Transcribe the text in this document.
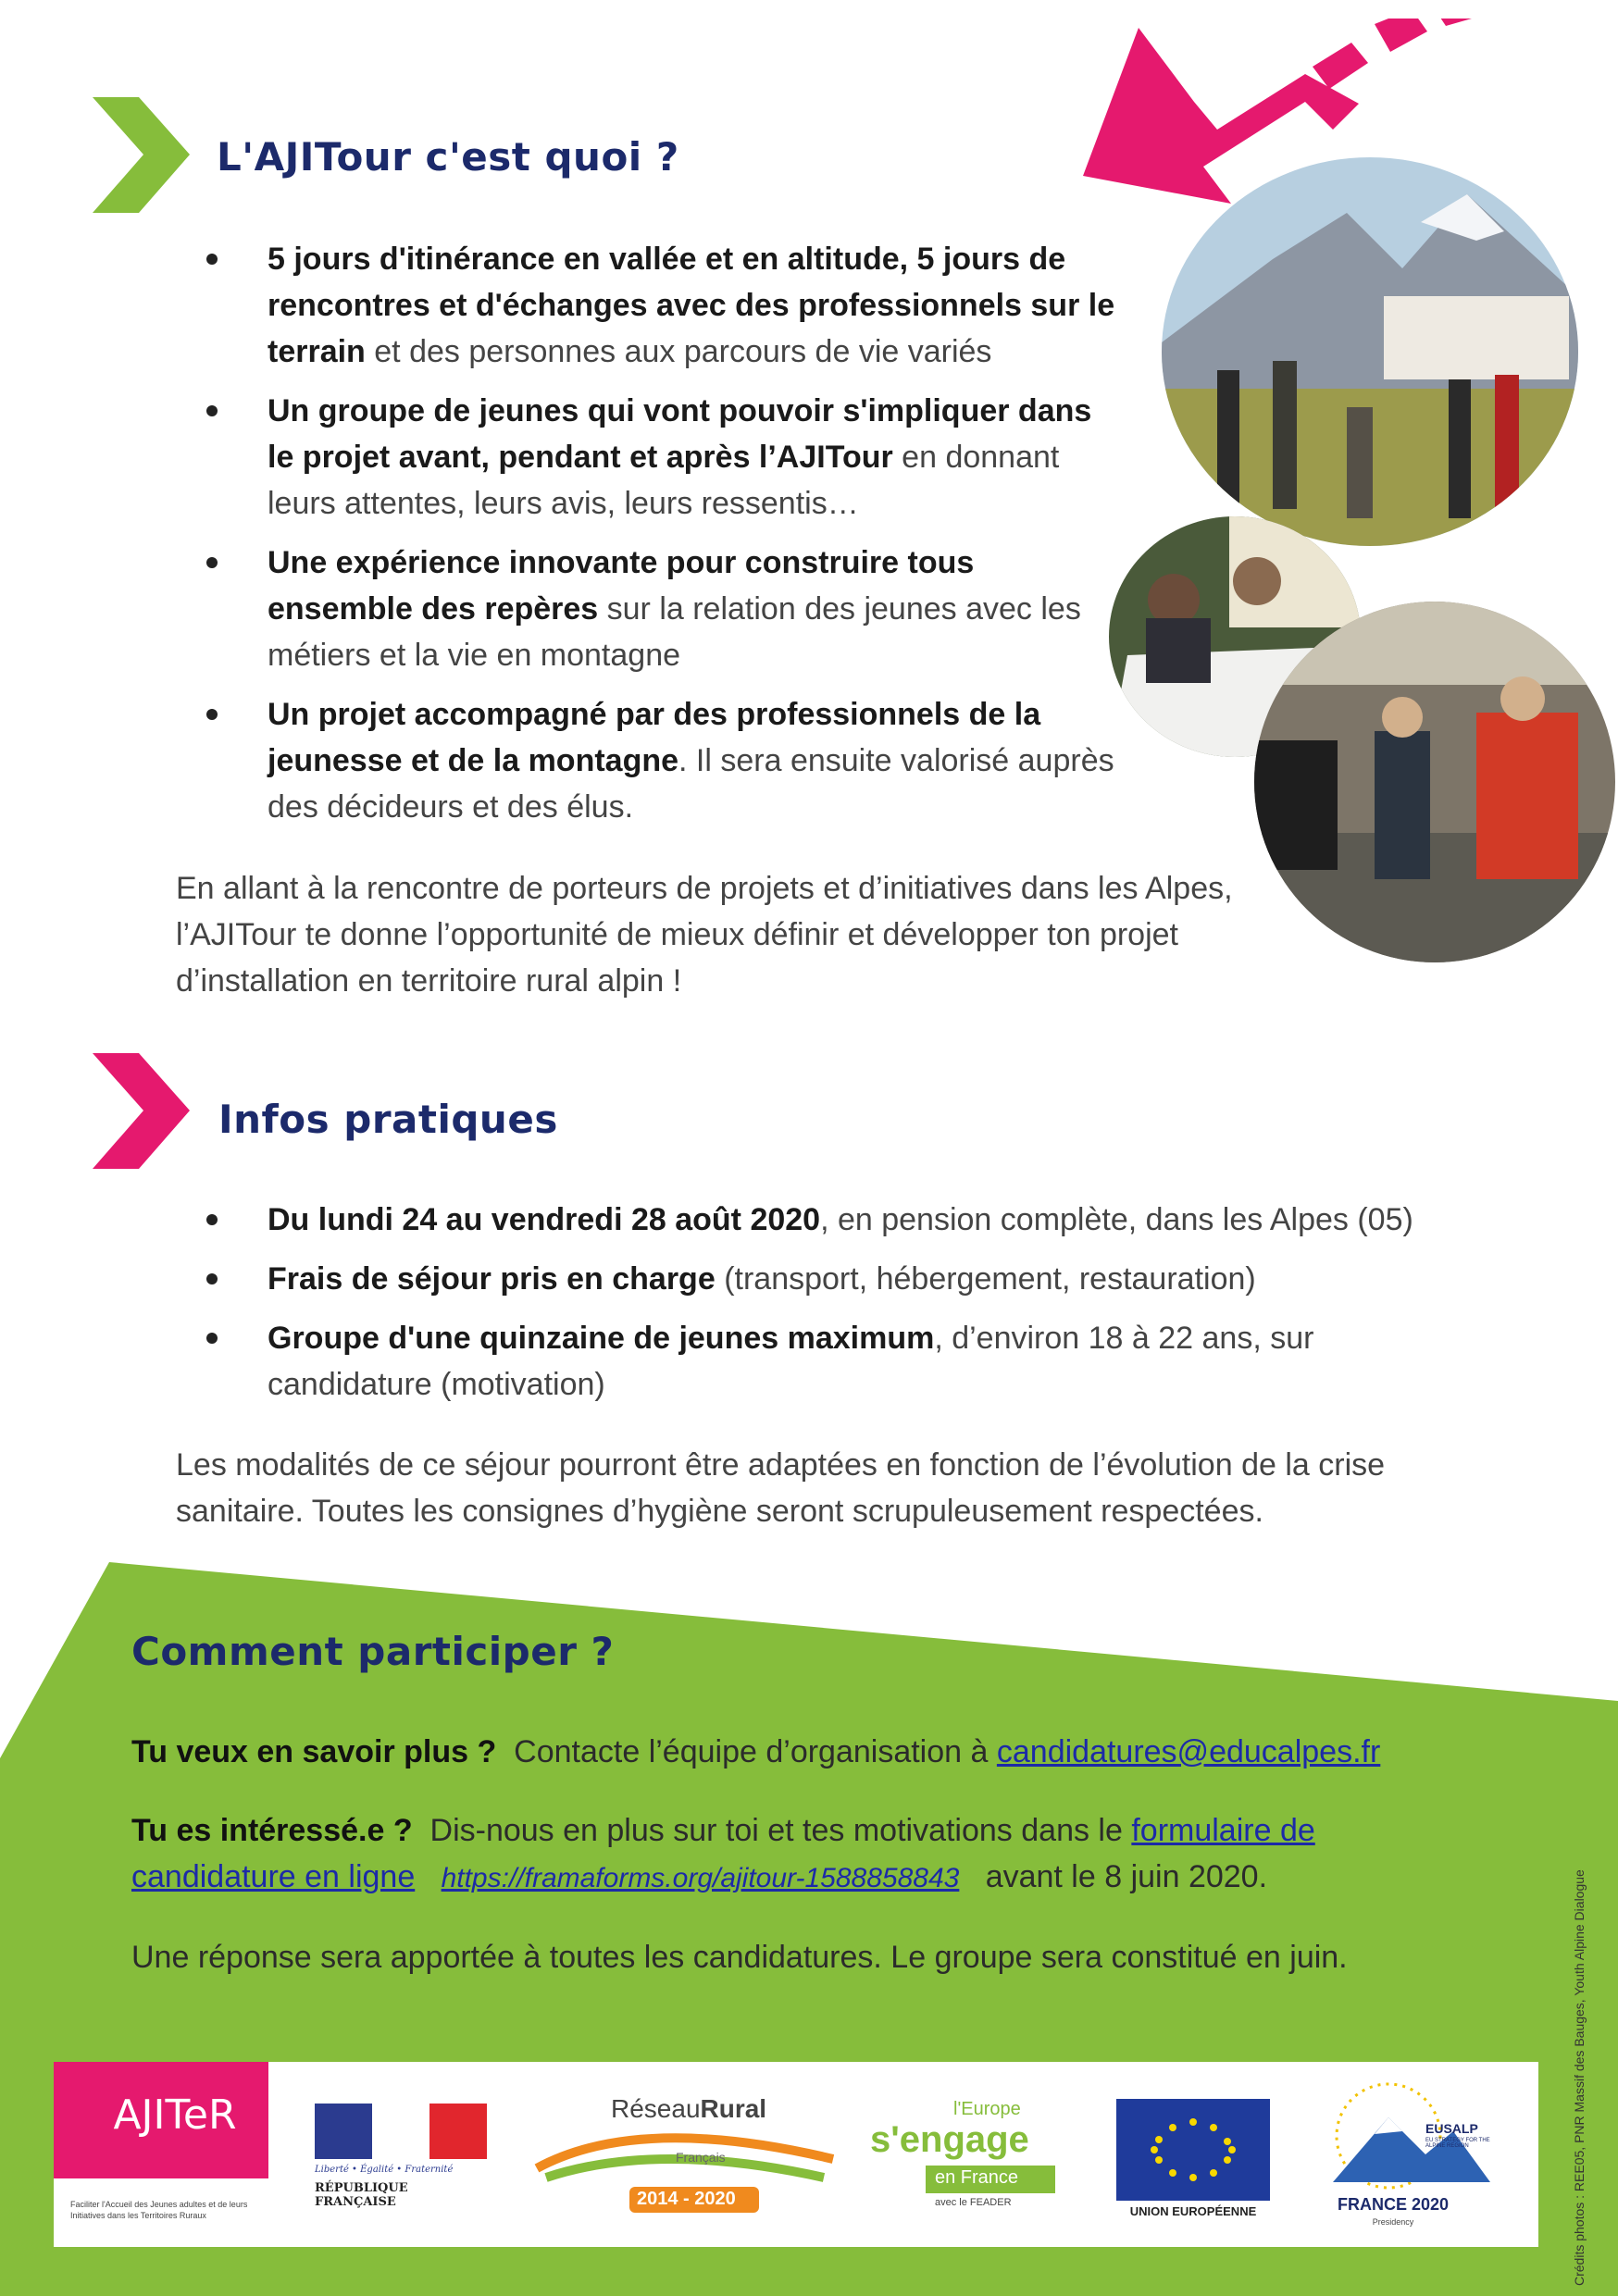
L'AJITour c'est quoi ?
5 jours d'itinérance en vallée et en altitude, 5 jours de rencontres et d'échanges avec des professionnels sur le terrain et des personnes aux parcours de vie variés
Un groupe de jeunes qui vont pouvoir s'impliquer dans le projet avant, pendant et après l’AJITour en donnant leurs attentes, leurs avis, leurs ressentis…
Une expérience innovante pour construire tous ensemble des repères sur la relation des jeunes avec les métiers et la vie en montagne
Un projet accompagné par des professionnels de la jeunesse et de la montagne. Il sera ensuite valorisé auprès des décideurs et des élus.
En allant à la rencontre de porteurs de projets et d’initiatives dans les Alpes, l’AJITour te donne l’opportunité de mieux définir et développer ton projet d’installation en territoire rural alpin !
Infos pratiques
Du lundi 24 au vendredi 28 août 2020, en pension complète, dans les Alpes (05)
Frais de séjour pris en charge (transport, hébergement, restauration)
Groupe d'une quinzaine de jeunes maximum, d’environ 18 à 22 ans, sur candidature (motivation)
Les modalités de ce séjour pourront être adaptées en fonction de l’évolution de la crise sanitaire. Toutes les consignes d’hygiène seront scrupuleusement respectées.
Comment participer ?
Tu veux en savoir plus ? Contacte l’équipe d’organisation à candidatures@educalpes.fr
Tu es intéressé.e ? Dis-nous en plus sur toi et tes motivations dans le formulaire de candidature en ligne https://framaforms.org/ajitour-1588858843 avant le 8 juin 2020.
Une réponse sera apportée à toutes les candidatures. Le groupe sera constitué en juin.	Crédits photos : REE05, PNR Massif des Bauges, Youth Alpine Dialogue
AJITeR
Faciliter l'Accueil des Jeunes adultes et de leurs Initiatives dans les Territoires Ruraux
Liberté • Égalité • Fraternité
RÉPUBLIQUE FRANÇAISE
RéseauRural
Français
2014 - 2020
l'Europe
s'engage
en France
avec le FEADER
UNION EUROPÉENNE
EUSALP
EU STRATEGY FOR THE ALPINE REGION
FRANCE 2020
Presidency
